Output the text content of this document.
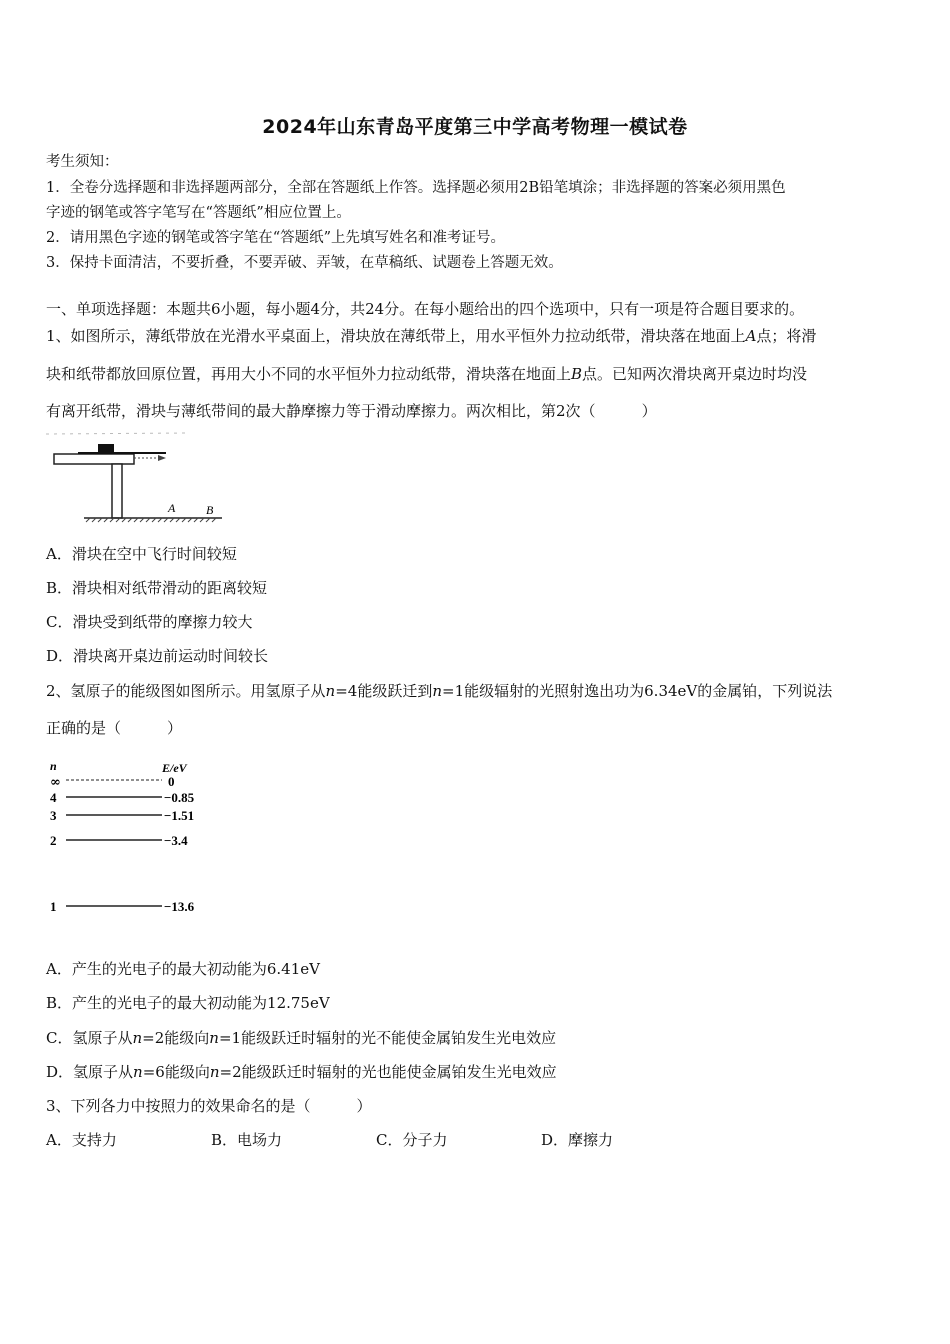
2024年山东青岛平度第三中学高考物理一模试卷
考生须知：
1．全卷分选择题和非选择题两部分，全部在答题纸上作答。选择题必须用2B铅笔填涂；非选择题的答案必须用黑色
字迹的钢笔或答字笔写在“答题纸”相应位置上。
2．请用黑色字迹的钢笔或答字笔在“答题纸”上先填写姓名和准考证号。
3．保持卡面清洁，不要折叠，不要弄破、弄皱，在草稿纸、试题卷上答题无效。
一、单项选择题：本题共6小题，每小题4分，共24分。在每小题给出的四个选项中，只有一项是符合题目要求的。
1、如图所示，薄纸带放在光滑水平桌面上，滑块放在薄纸带上，用水平恒外力拉动纸带，滑块落在地面上A点；将滑
块和纸带都放回原位置，再用大小不同的水平恒外力拉动纸带，滑块落在地面上B点。已知两次滑块离开桌边时均没
有离开纸带，滑块与薄纸带间的最大静摩擦力等于滑动摩擦力。两次相比，第2次（	）
A	B
A．滑块在空中飞行时间较短
B．滑块相对纸带滑动的距离较短
C．滑块受到纸带的摩擦力较大
D．滑块离开桌边前运动时间较长
2、氢原子的能级图如图所示。用氢原子从n=4能级跃迁到n=1能级辐射的光照射逸出功为6.34eV的金属铂，下列说法
正确的是（	）
n	E/eV
∞	0
4	−0.85
3	−1.51
2	−3.4
1	−13.6
A．产生的光电子的最大初动能为6.41eV
B．产生的光电子的最大初动能为12.75eV
C．氢原子从n=2能级向n=1能级跃迁时辐射的光不能使金属铂发生光电效应
D．氢原子从n=6能级向n=2能级跃迁时辐射的光也能使金属铂发生光电效应
3、下列各力中按照力的效果命名的是（	）
A．支持力	B．电场力	C．分子力	D．摩擦力
